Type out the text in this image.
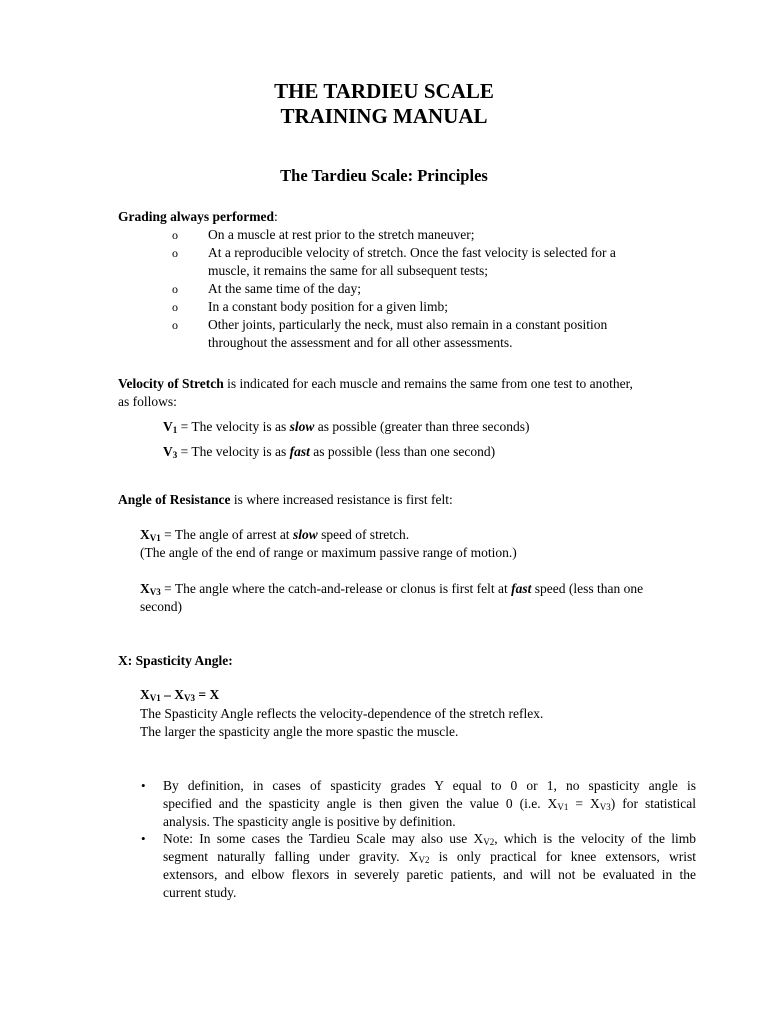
THE TARDIEU SCALE
TRAINING MANUAL
The Tardieu Scale: Principles
Grading always performed:
o On a muscle at rest prior to the stretch maneuver;
o At a reproducible velocity of stretch. Once the fast velocity is selected for a
muscle, it remains the same for all subsequent tests;
o At the same time of the day;
o In a constant body position for a given limb;
o Other joints, particularly the neck, must also remain in a constant position
throughout the assessment and for all other assessments.
Velocity of Stretch is indicated for each muscle and remains the same from one test to another,
as follows:
$V_1$ = The velocity is as slow as possible (greater than three seconds)
$V_3$ = The velocity is as fast as possible (less than one second)
Angle of Resistance is where increased resistance is first felt:
$X_{V1}$ = The angle of arrest at slow speed of stretch.
(The angle of the end of range or maximum passive range of motion.)
$X_{V3}$ = The angle where the catch-and-release or clonus is first felt at fast speed (less than one
second)
X: Spasticity Angle:
$X_{V1} - X_{V3} = X$
The Spasticity Angle reflects the velocity-dependence of the stretch reflex.
The larger the spasticity angle the more spastic the muscle.
• By definition, in cases of spasticity grades Y equal to 0 or 1, no spasticity angle is
specified and the spasticity angle is then given the value 0 (i.e. $X_{V1} = X_{V3}$) for statistical
analysis. The spasticity angle is positive by definition.
• Note: In some cases the Tardieu Scale may also use $X_{V2}$, which is the velocity of the limb
segment naturally falling under gravity. $X_{V2}$ is only practical for knee extensors, wrist
extensors, and elbow flexors in severely paretic patients, and will not be evaluated in the
current study.
